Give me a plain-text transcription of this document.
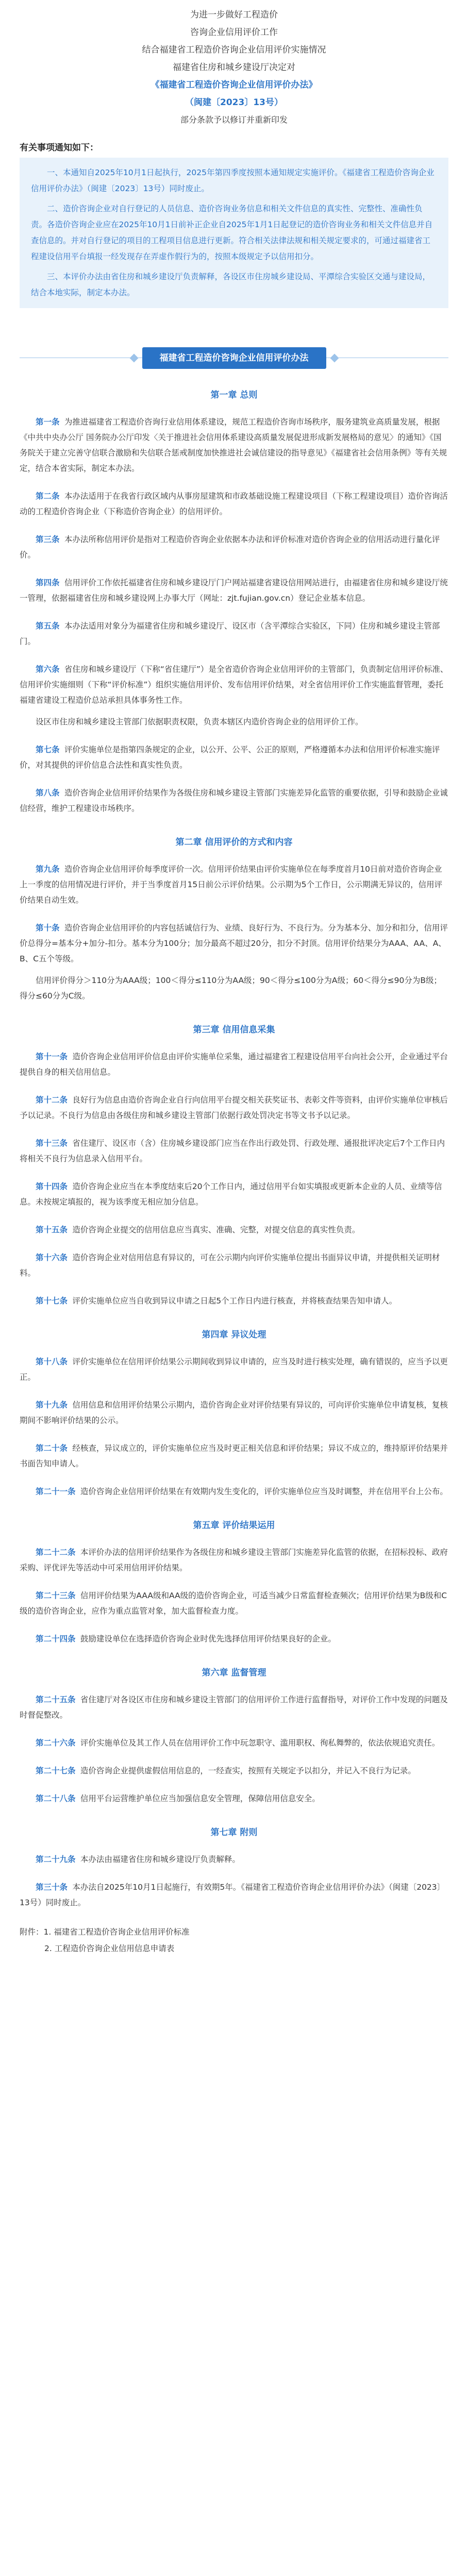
为进一步做好工程造价
咨询企业信用评价工作
结合福建省工程造价咨询企业信用评价实施情况
福建省住房和城乡建设厅决定对
《福建省工程造价咨询企业信用评价办法》
（闽建〔2023〕13号）
部分条款予以修订并重新印发
有关事项通知如下：

一、本通知自2025年10月1日起执行，2025年第四季度按照本通知规定实施评价。《福建省工程造价咨询企业信用评价办法》（闽建〔2023〕13号）同时废止。

二、造价咨询企业对自行登记的人员信息、造价咨询业务信息和相关文件信息的真实性、完整性、准确性负责。各造价咨询企业应在2025年10月1日前补正企业自2025年1月1日起登记的造价咨询业务和相关文件信息并自查信息的。并对自行登记的项目的工程项目信息进行更新。符合相关法律法规和相关规定要求的，可通过福建省工程建设信用平台填报一经发现存在弄虚作假行为的，按照本级规定予以信用扣分。

三、本评价办法由省住房和城乡建设厅负责解释，各设区市住房城乡建设局、平潭综合实验区交通与建设局，结合本地实际，制定本办法。

福建省工程造价咨询企业信用评价办法
第一章 总则

第一条 为推进福建省工程造价咨询行业信用体系建设，规范工程造价咨询市场秩序，服务建筑业高质量发展，根据《中共中央办公厅 国务院办公厅印发〈关于推进社会信用体系建设高质量发展促进形成新发展格局的意见〉的通知》《国务院关于建立完善守信联合激励和失信联合惩戒制度加快推进社会诚信建设的指导意见》《福建省社会信用条例》等有关规定，结合本省实际，制定本办法。

第二条 本办法适用于在我省行政区域内从事房屋建筑和市政基础设施工程建设项目（下称工程建设项目）造价咨询活动的工程造价咨询企业（下称造价咨询企业）的信用评价。

第三条 本办法所称信用评价是指对工程造价咨询企业依据本办法和评价标准对造价咨询企业的信用活动进行量化评价。

第四条 信用评价工作依托福建省住房和城乡建设厅门户网站福建省建设信用网站进行，由福建省住房和城乡建设厅统一管理，依据福建省住房和城乡建设网上办事大厅（网址：zjt.fujian.gov.cn）登记企业基本信息。

第五条 本办法适用对象分为福建省住房和城乡建设厅、设区市（含平潭综合实验区，下同）住房和城乡建设主管部门。

第六条 省住房和城乡建设厅（下称“省住建厅”）是全省造价咨询企业信用评价的主管部门，负责制定信用评价标准、信用评价实施细则（下称“评价标准”）组织实施信用评价、发布信用评价结果，对全省信用评价工作实施监督管理，委托福建省建设工程造价总站承担具体事务性工作。

设区市住房和城乡建设主管部门依据职责权限，负责本辖区内造价咨询企业的信用评价工作。

第七条 评价实施单位是指第四条规定的企业，以公开、公平、公正的原则，严格遵循本办法和信用评价标准实施评价，对其提供的评价信息合法性和真实性负责。

第八条 造价咨询企业信用评价结果作为各级住房和城乡建设主管部门实施差异化监管的重要依据，引导和鼓励企业诚信经营，维护工程建设市场秩序。

第二章 信用评价的方式和内容

第九条 造价咨询企业信用评价每季度评价一次。信用评价结果由评价实施单位在每季度首月10日前对造价咨询企业上一季度的信用情况进行评价，并于当季度首月15日前公示评价结果。公示期为5个工作日，公示期满无异议的，信用评价结果自动生效。

第十条 造价咨询企业信用评价的内容包括诚信行为、业绩、良好行为、不良行为。分为基本分、加分和扣分，信用评价总得分=基本分+加分-扣分。基本分为100分；加分最高不超过20分，扣分不封顶。信用评价结果分为AAA、AA、A、B、C五个等级。

信用评价得分＞110分为AAA级；100＜得分≤110分为AA级；90＜得分≤100分为A级；60＜得分≤90分为B级；得分≤60分为C级。

第三章 信用信息采集

第十一条 造价咨询企业信用评价信息由评价实施单位采集，通过福建省工程建设信用平台向社会公开，企业通过平台提供自身的相关信用信息。

第十二条 良好行为信息由造价咨询企业自行向信用平台提交相关获奖证书、表彰文件等资料，由评价实施单位审核后予以记录。不良行为信息由各级住房和城乡建设主管部门依据行政处罚决定书等文书予以记录。

第十三条 省住建厅、设区市（含）住房城乡建设部门应当在作出行政处罚、行政处理、通报批评决定后7个工作日内将相关不良行为信息录入信用平台。

第十四条 造价咨询企业应当在本季度结束后20个工作日内，通过信用平台如实填报或更新本企业的人员、业绩等信息。未按规定填报的，视为该季度无相应加分信息。

第十五条 造价咨询企业提交的信用信息应当真实、准确、完整，对提交信息的真实性负责。

第十六条 造价咨询企业对信用信息有异议的，可在公示期内向评价实施单位提出书面异议申请，并提供相关证明材料。

第十七条 评价实施单位应当自收到异议申请之日起5个工作日内进行核查，并将核查结果告知申请人。

第四章 异议处理

第十八条 评价实施单位在信用评价结果公示期间收到异议申请的，应当及时进行核实处理，确有错误的，应当予以更正。

第十九条 信用信息和信用评价结果公示期内，造价咨询企业对评价结果有异议的，可向评价实施单位申请复核，复核期间不影响评价结果的公示。

第二十条 经核查，异议成立的，评价实施单位应当及时更正相关信息和评价结果；异议不成立的，维持原评价结果并书面告知申请人。

第二十一条 造价咨询企业信用评价结果在有效期内发生变化的，评价实施单位应当及时调整，并在信用平台上公布。

第五章 评价结果运用

第二十二条 本评价办法的信用评价结果作为各级住房和城乡建设主管部门实施差异化监管的依据，在招标投标、政府采购、评优评先等活动中可采用信用评价结果。

第二十三条 信用评价结果为AAA级和AA级的造价咨询企业，可适当减少日常监督检查频次；信用评价结果为B级和C级的造价咨询企业，应作为重点监管对象，加大监督检查力度。

第二十四条 鼓励建设单位在选择造价咨询企业时优先选择信用评价结果良好的企业。

第六章 监督管理

第二十五条 省住建厅对各设区市住房和城乡建设主管部门的信用评价工作进行监督指导，对评价工作中发现的问题及时督促整改。

第二十六条 评价实施单位及其工作人员在信用评价工作中玩忽职守、滥用职权、徇私舞弊的，依法依规追究责任。

第二十七条 造价咨询企业提供虚假信用信息的，一经查实，按照有关规定予以扣分，并记入不良行为记录。

第二十八条 信用平台运营维护单位应当加强信息安全管理，保障信用信息安全。

第七章 附则

第二十九条 本办法由福建省住房和城乡建设厅负责解释。

第三十条 本办法自2025年10月1日起施行，有效期5年。《福建省工程造价咨询企业信用评价办法》（闽建〔2023〕13号）同时废止。

附件：1. 福建省工程造价咨询企业信用评价标准
2. 工程造价咨询企业信用信息申请表
